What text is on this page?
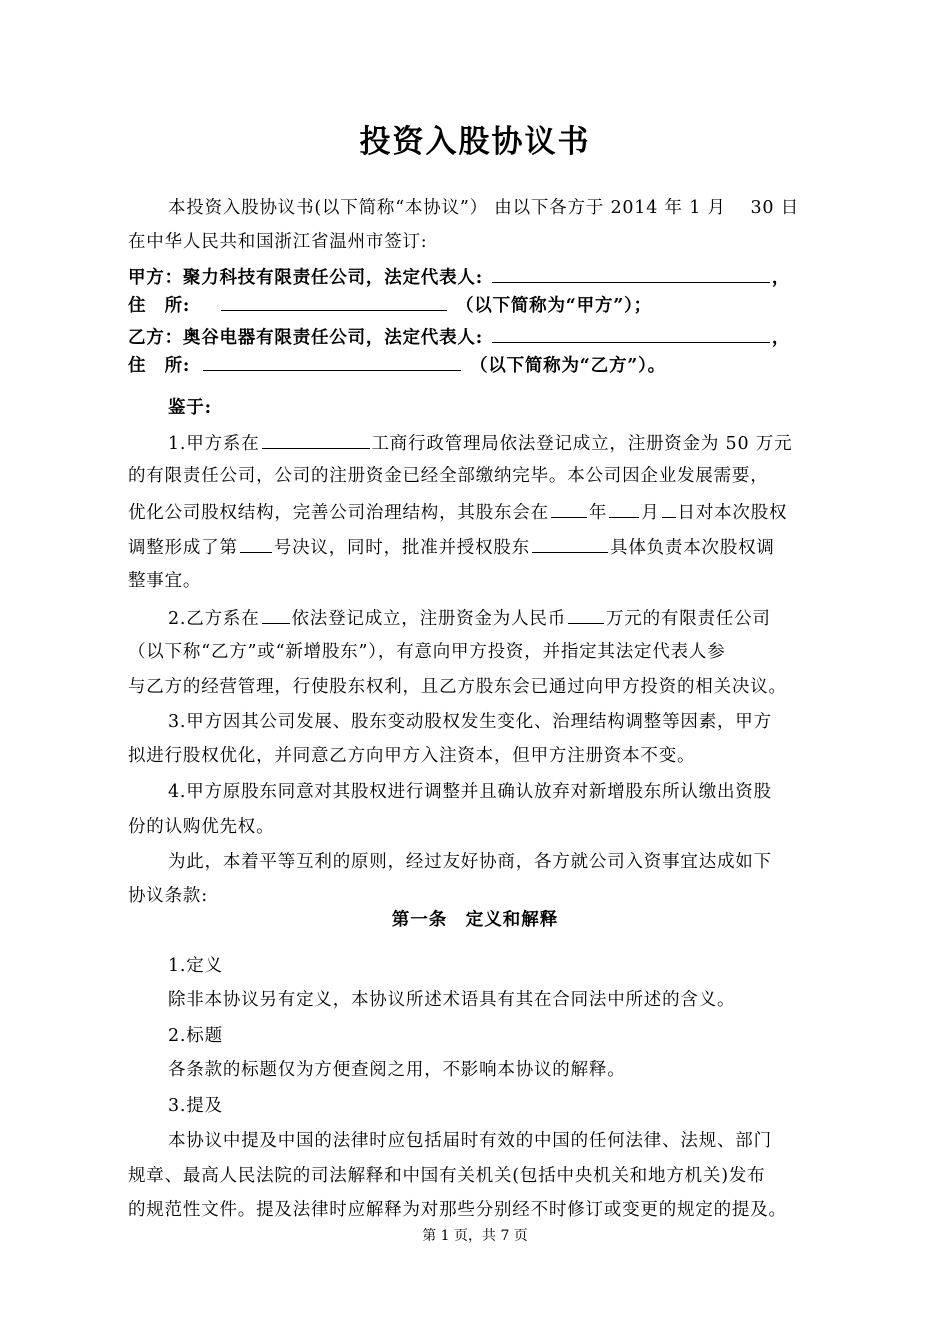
投资入股协议书
本投资入股协议书(以下简称“本协议”） 由以下各方于 2014 年 1 月　 30 日
在中华人民共和国浙江省温州市签订:
甲方：聚力科技有限责任公司，法定代表人:	，
住　所:	（以下简称为“甲方”）；
乙方：奥谷电器有限责任公司，法定代表人:	，
住　所:	（以下简称为“乙方”）。
鉴于:
1.甲方系在	工商行政管理局依法登记成立，注册资金为 50 万元
的有限责任公司，公司的注册资金已经全部缴纳完毕。本公司因企业发展需要，
优化公司股权结构，完善公司治理结构，其股东会在 年 月 日对本次股权
调整形成了第 号决议，同时，批准并授权股东	具体负责本次股权调
整事宜。
2.乙方系在 依法登记成立，注册资金为人民币 万元的有限责任公司
（以下称“乙方”或“新增股东”），有意向甲方投资，并指定其法定代表人参
与乙方的经营管理，行使股东权利，且乙方股东会已通过向甲方投资的相关决议。
3.甲方因其公司发展、股东变动股权发生变化、治理结构调整等因素，甲方
拟进行股权优化，并同意乙方向甲方入注资本，但甲方注册资本不变。
4.甲方原股东同意对其股权进行调整并且确认放弃对新增股东所认缴出资股
份的认购优先权。
为此，本着平等互利的原则，经过友好协商，各方就公司入资事宜达成如下
协议条款:
第一条　定义和解释
1.定义
除非本协议另有定义，本协议所述术语具有其在合同法中所述的含义。
2.标题
各条款的标题仅为方便查阅之用，不影响本协议的解释。
3.提及
本协议中提及中国的法律时应包括届时有效的中国的任何法律、法规、部门
规章、最高人民法院的司法解释和中国有关机关(包括中央机关和地方机关)发布
的规范性文件。提及法律时应解释为对那些分别经不时修订或变更的规定的提及。
第 1 页，共 7 页
